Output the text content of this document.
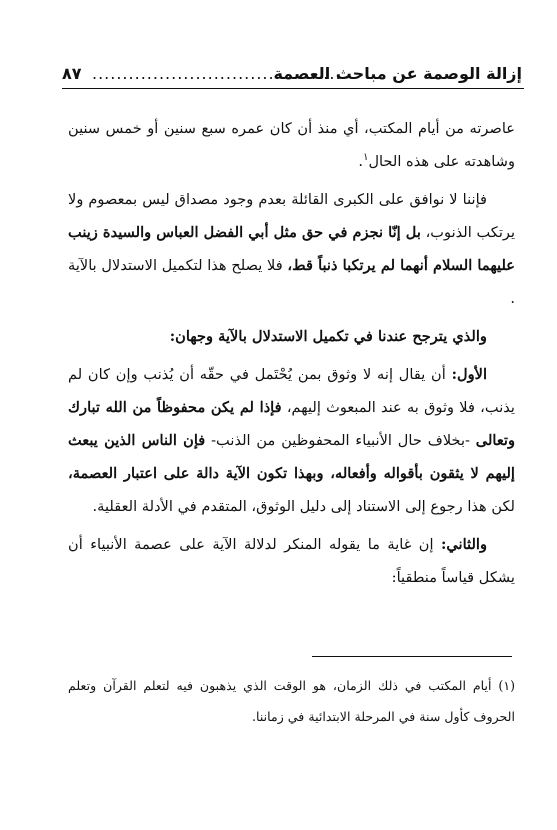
إزالة الوصمة عن مباحث العصمة
٨٧ ..........................................

عاصرته من أيام المكتب، أي منذ أن كان عمره سبع سنين أو خمس سنين وشاهدته على هذه الحال$^١$.

فإننا لا نوافق على الكبرى القائلة بعدم وجود مصداق ليس بمعصوم ولا يرتكب الذنوب، بل إنّا نجزم في حق مثل أبي الفضل العباس والسيدة زينب عليهما السلام أنهما لم يرتكبا ذنباً قط، فلا يصلح هذا لتكميل الاستدلال بالآية .

والذي يترجح عندنا في تكميل الاستدلال بالآية وجهان:

الأول: أن يقال إنه لا وثوق بمن يُحْتَمل في حقّه أن يُذنب وإن كان لم يذنب، فلا وثوق به عند المبعوث إليهم، فإذا لم يكن محفوظاً من الله تبارك وتعالى -بخلاف حال الأنبياء المحفوظين من الذنب- فإن الناس الذين يبعث إليهم لا يثقون بأقواله وأفعاله، وبهذا تكون الآية دالة على اعتبار العصمة، لكن هذا رجوع إلى الاستناد إلى دليل الوثوق، المتقدم في الأدلة العقلية.

والثاني: إن غاية ما يقوله المنكر لدلالة الآية على عصمة الأنبياء أن يشكل قياساً منطقياً:

(١) أيام المكتب في ذلك الزمان، هو الوقت الذي يذهبون فيه لتعلم القرآن وتعلم الحروف كأول سنة في المرحلة الابتدائية في زماننا.
